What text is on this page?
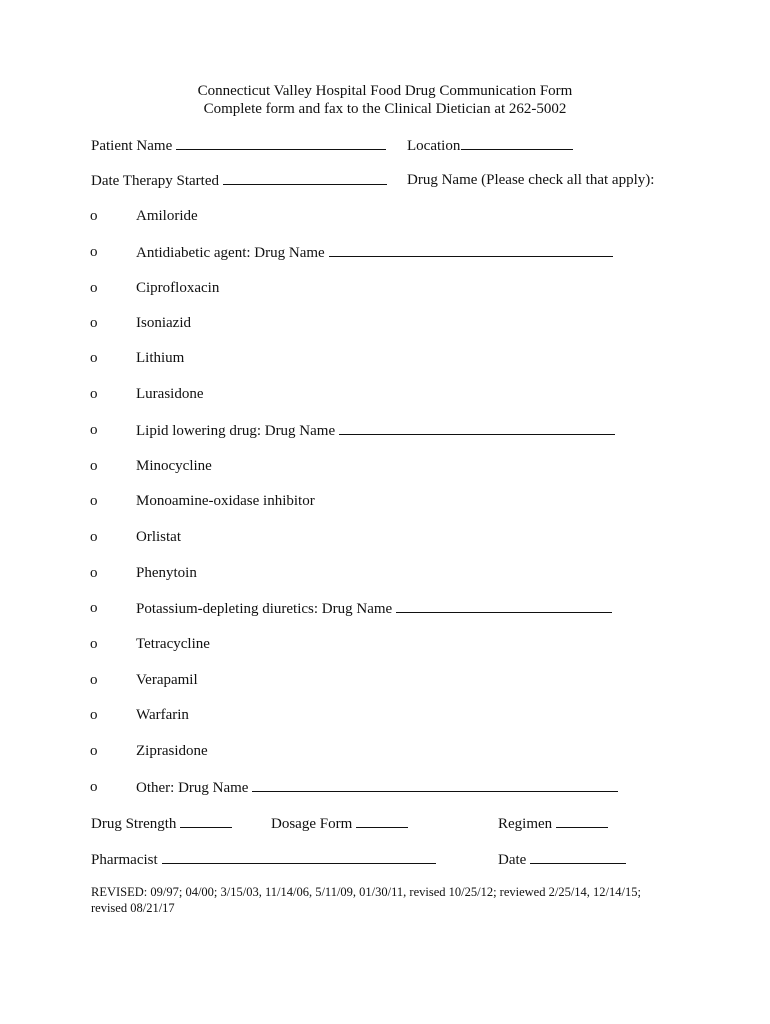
Connecticut Valley Hospital Food Drug Communication Form
Complete form and fax to the Clinical Dietician at 262-5002
Patient Name	Location
Date Therapy Started	Drug Name (Please check all that apply):
o	Amiloride
o	Antidiabetic agent: Drug Name
o	Ciprofloxacin
o	Isoniazid
o	Lithium
o	Lurasidone
o	Lipid lowering drug: Drug Name
o	Minocycline
o	Monoamine-oxidase inhibitor
o	Orlistat
o	Phenytoin
o	Potassium-depleting diuretics: Drug Name
o	Tetracycline
o	Verapamil
o	Warfarin
o	Ziprasidone
o	Other: Drug Name
Drug Strength	Dosage Form	Regimen
Pharmacist	Date
REVISED: 09/97; 04/00; 3/15/03, 11/14/06, 5/11/09, 01/30/11, revised 10/25/12; reviewed 2/25/14, 12/14/15;
revised 08/21/17
